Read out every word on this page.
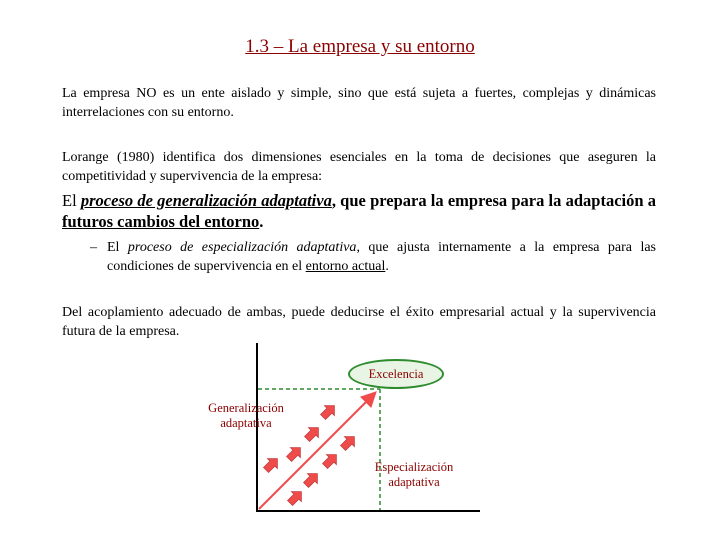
1.3 – La empresa y su entorno
La empresa NO es un ente aislado y simple, sino que está sujeta a fuertes, complejas y dinámicas interrelaciones con su entorno.
Lorange (1980) identifica dos dimensiones esenciales en la toma de decisiones que aseguren la competitividad y supervivencia de la empresa:
El proceso de generalización adaptativa, que prepara la empresa para la adaptación a futuros cambios del entorno.
– El proceso de especialización adaptativa, que ajusta internamente a la empresa para las condiciones de supervivencia en el entorno actual.
Del acoplamiento adecuado de ambas, puede deducirse el éxito empresarial actual y la supervivencia futura de la empresa.
Excelencia
Generalización adaptativa
Especialización adaptativa
